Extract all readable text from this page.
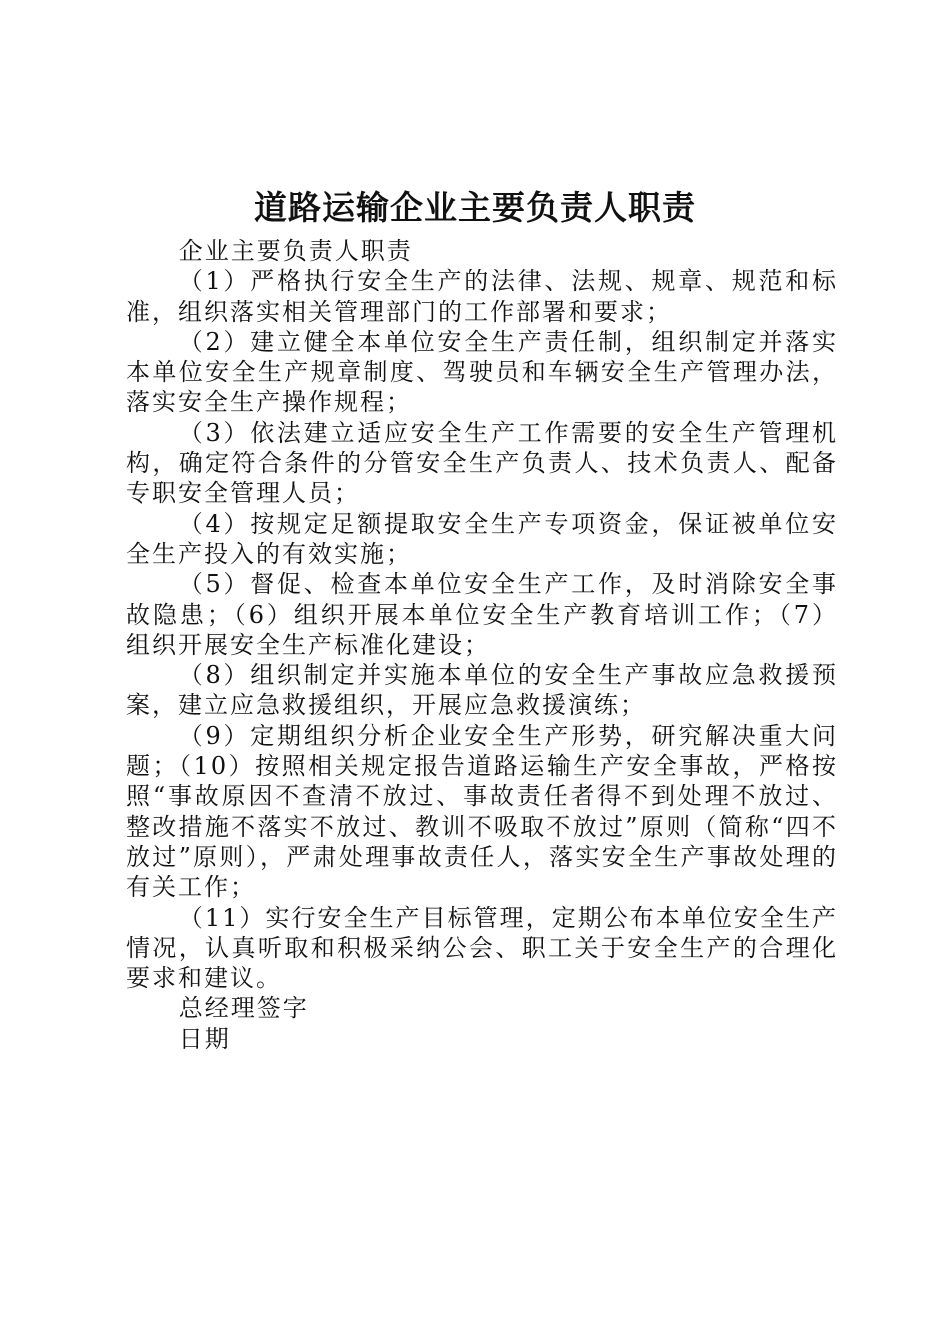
道路运输企业主要负责人职责

企业主要负责人职责

（1）严格执行安全生产的法律、法规、规章、规范和标准，组织落实相关管理部门的工作部署和要求；

（2）建立健全本单位安全生产责任制，组织制定并落实本单位安全生产规章制度、驾驶员和车辆安全生产管理办法，落实安全生产操作规程；

（3）依法建立适应安全生产工作需要的安全生产管理机构，确定符合条件的分管安全生产负责人、技术负责人、配备专职安全管理人员；

（4）按规定足额提取安全生产专项资金，保证被单位安全生产投入的有效实施；

（5）督促、检查本单位安全生产工作，及时消除安全事故隐患；（6）组织开展本单位安全生产教育培训工作；（7）组织开展安全生产标准化建设；

（8）组织制定并实施本单位的安全生产事故应急救援预案，建立应急救援组织，开展应急救援演练；

（9）定期组织分析企业安全生产形势，研究解决重大问题；（10）按照相关规定报告道路运输生产安全事故，严格按照“事故原因不查清不放过、事故责任者得不到处理不放过、整改措施不落实不放过、教训不吸取不放过”原则（简称“四不放过”原则），严肃处理事故责任人，落实安全生产事故处理的有关工作；

（11）实行安全生产目标管理，定期公布本单位安全生产情况，认真听取和积极采纳公会、职工关于安全生产的合理化要求和建议。

总经理签字

日期
